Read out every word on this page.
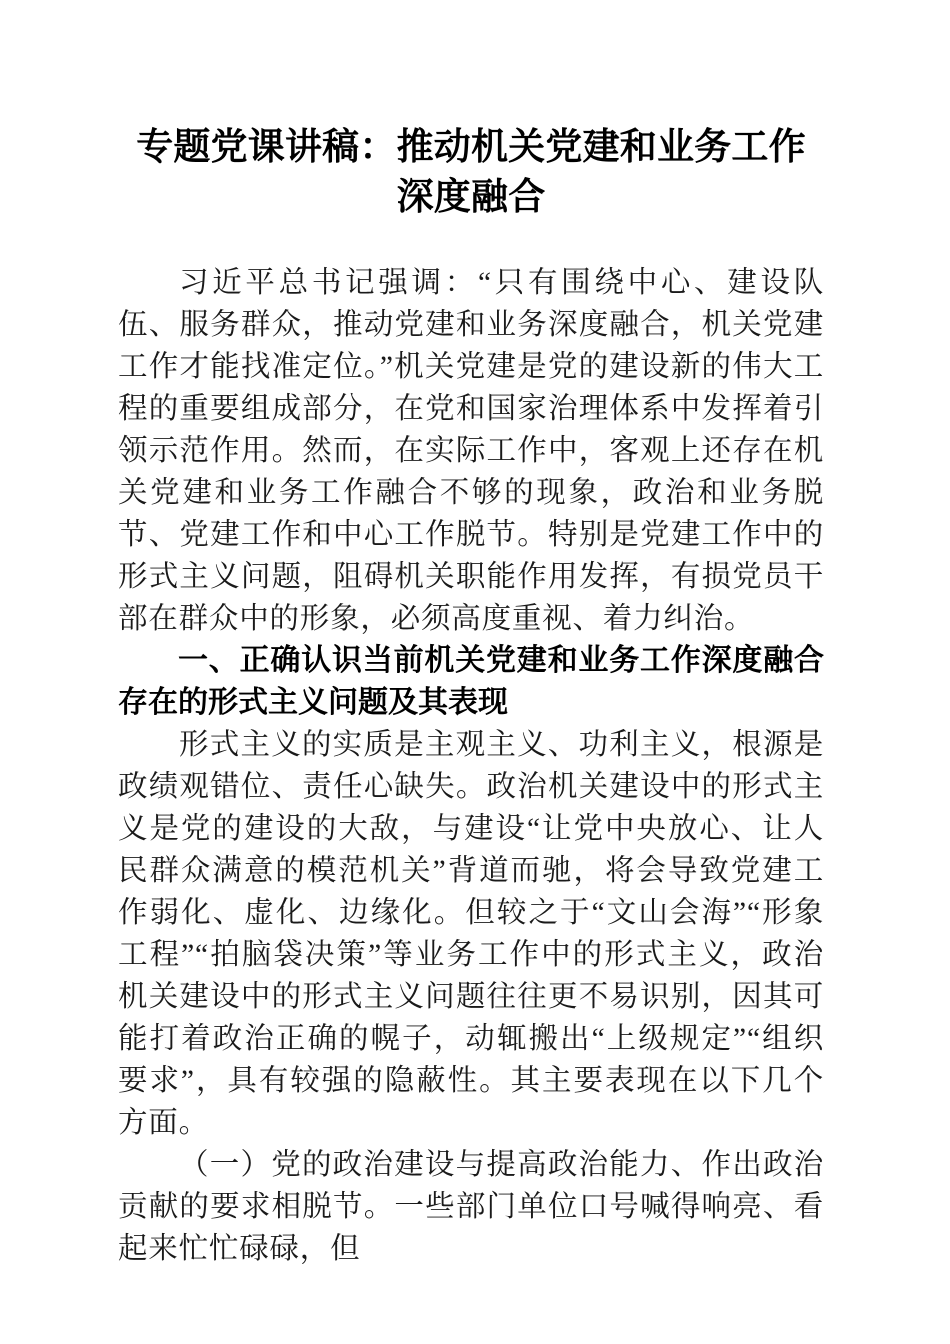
专题党课讲稿：推动机关党建和业务工作深度融合

习近平总书记强调：“只有围绕中心、建设队伍、服务群众，推动党建和业务深度融合，机关党建工作才能找准定位。”机关党建是党的建设新的伟大工程的重要组成部分，在党和国家治理体系中发挥着引领示范作用。然而，在实际工作中，客观上还存在机关党建和业务工作融合不够的现象，政治和业务脱节、党建工作和中心工作脱节。特别是党建工作中的形式主义问题，阻碍机关职能作用发挥，有损党员干部在群众中的形象，必须高度重视、着力纠治。

一、正确认识当前机关党建和业务工作深度融合存在的形式主义问题及其表现

形式主义的实质是主观主义、功利主义，根源是政绩观错位、责任心缺失。政治机关建设中的形式主义是党的建设的大敌，与建设“让党中央放心、让人民群众满意的模范机关”背道而驰，将会导致党建工作弱化、虚化、边缘化。但较之于“文山会海”“形象工程”“拍脑袋决策”等业务工作中的形式主义，政治机关建设中的形式主义问题往往更不易识别，因其可能打着政治正确的幌子，动辄搬出“上级规定”“组织要求”，具有较强的隐蔽性。其主要表现在以下几个方面。

（一）党的政治建设与提高政治能力、作出政治贡献的要求相脱节。一些部门单位口号喊得响亮、看起来忙忙碌碌，但
